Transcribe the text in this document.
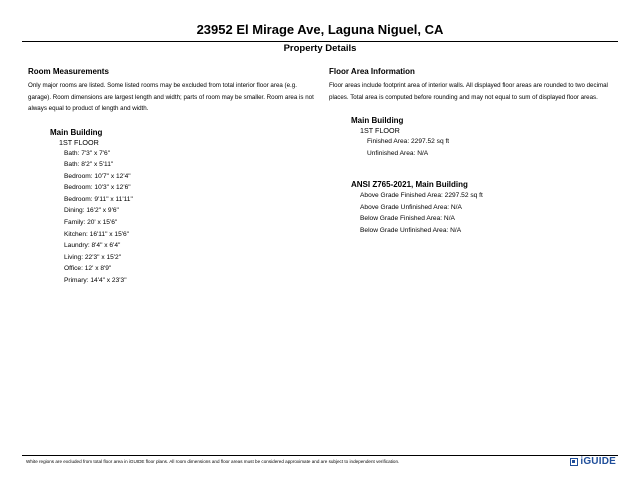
23952 El Mirage Ave, Laguna Niguel, CA
Property Details
Room Measurements

Only major rooms are listed. Some listed rooms may be excluded from total interior floor area (e.g. garage). Room dimensions are largest length and width; parts of room may be smaller. Room area is not always equal to product of length and width.

Main Building
1ST FLOOR
Bath: 7'3" x 7'6"
Bath: 8'2" x 5'11"
Bedroom: 10'7" x 12'4"
Bedroom: 10'3" x 12'6"
Bedroom: 9'11" x 11'11"
Dining: 16'2" x 9'6"
Family: 20' x 15'6"
Kitchen: 16'11" x 15'6"
Laundry: 8'4" x 6'4"
Living: 22'3" x 15'2"
Office: 12' x 8'9"
Primary: 14'4" x 23'3"
Floor Area Information

Floor areas include footprint area of interior walls. All displayed floor areas are rounded to two decimal places. Total area is computed before rounding and may not equal to sum of displayed floor areas.

Main Building
1ST FLOOR
Finished Area: 2297.52 sq ft
Unfinished Area: N/A
ANSI Z765-2021, Main Building
Above Grade Finished Area: 2297.52 sq ft
Above Grade Unfinished Area: N/A
Below Grade Finished Area: N/A
Below Grade Unfinished Area: N/A
White regions are excluded from total floor area in iGUIDE floor plans. All room dimensions and floor areas must be considered approximate and are subject to independent verification.	iGUIDE
